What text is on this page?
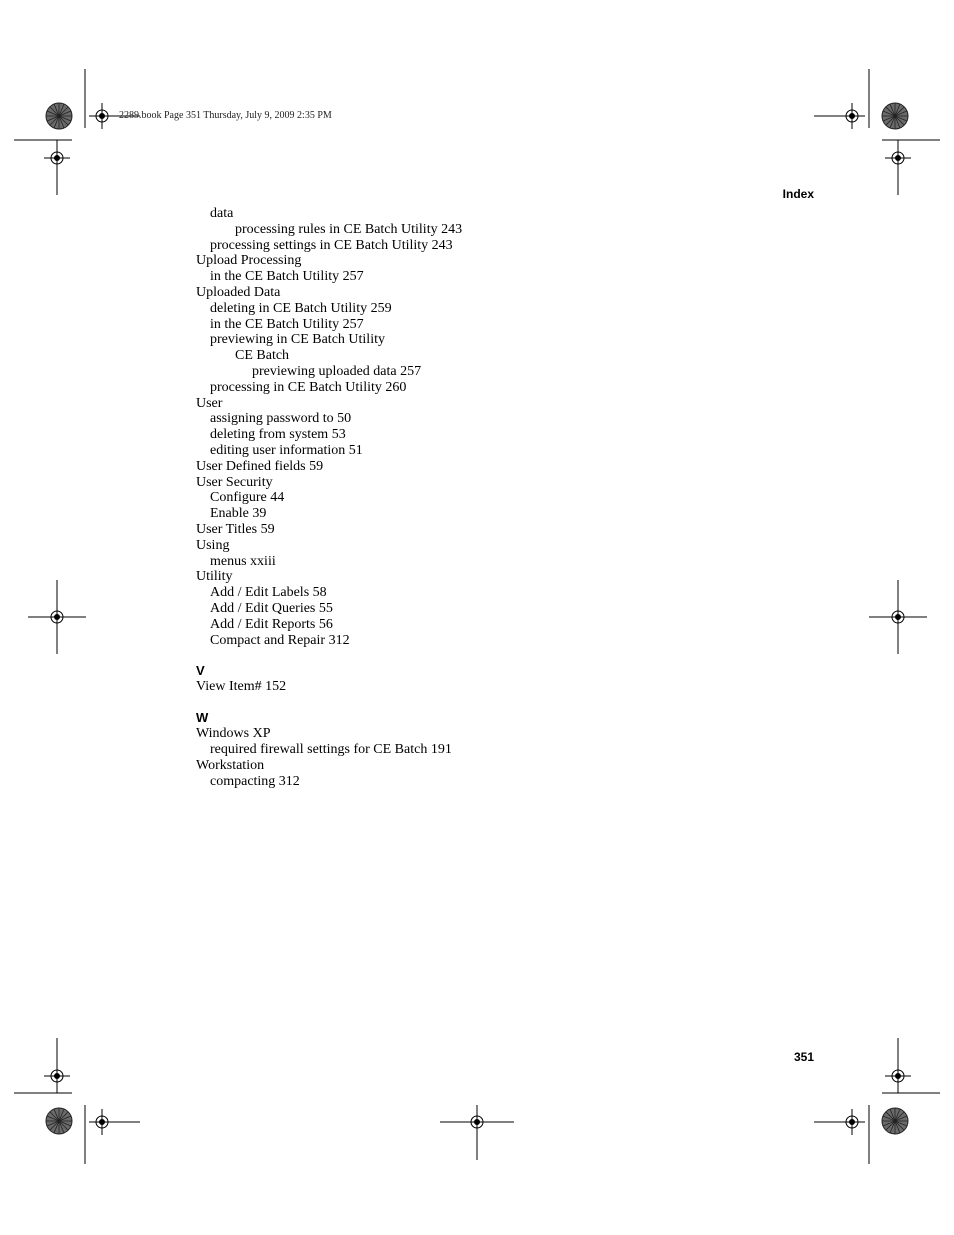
2289.book Page 351 Thursday, July 9, 2009 2:35 PM
Index
data
processing rules in CE Batch Utility 243
processing settings in CE Batch Utility 243
Upload Processing
in the CE Batch Utility 257
Uploaded Data
deleting in CE Batch Utility 259
in the CE Batch Utility 257
previewing in CE Batch Utility
CE Batch
previewing uploaded data 257
processing in CE Batch Utility 260
User
assigning password to 50
deleting from system 53
editing user information 51
User Defined fields 59
User Security
Configure 44
Enable 39
User Titles 59
Using
menus xxiii
Utility
Add / Edit Labels 58
Add / Edit Queries 55
Add / Edit Reports 56
Compact and Repair 312
V
View Item# 152
W
Windows XP
required firewall settings for CE Batch 191
Workstation
compacting 312
351
